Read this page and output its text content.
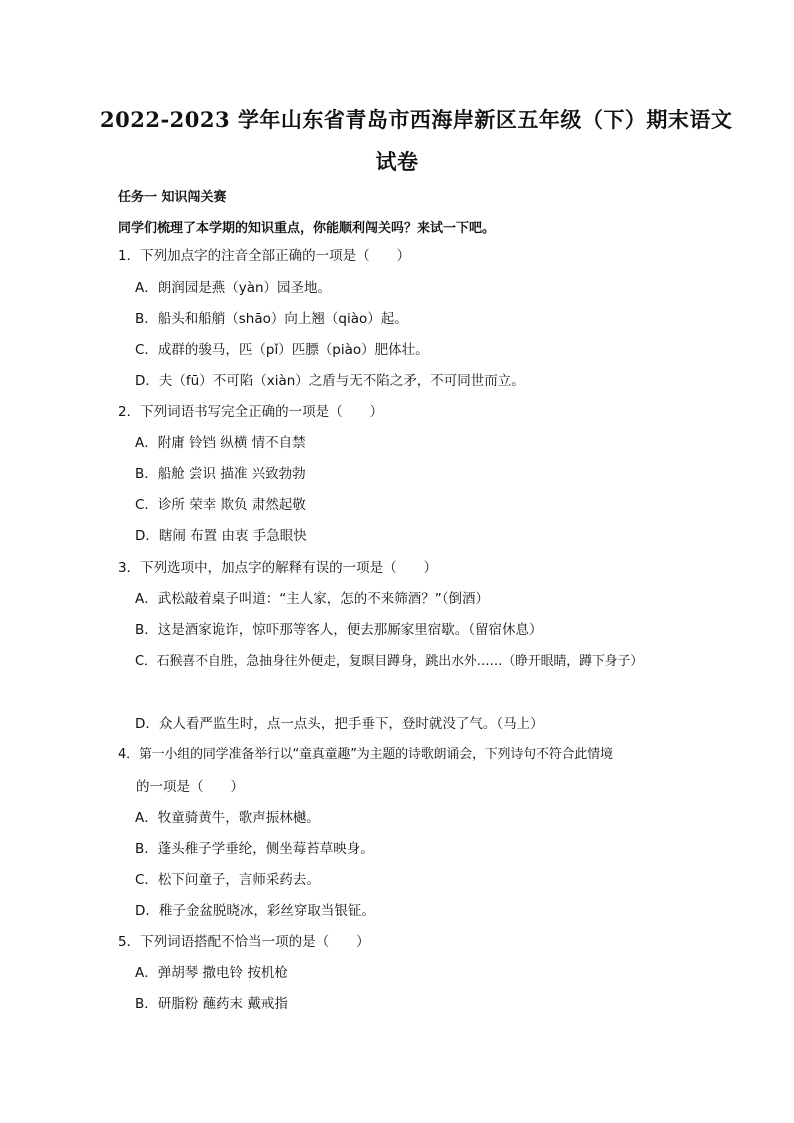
2022-2023 学年山东省青岛市西海岸新区五年级（下）期末语文
试卷
任务一 知识闯关赛
同学们梳理了本学期的知识重点，你能顺利闯关吗？来试一下吧。
1．下列加点字的注音全部正确的一项是（　　）
A．朗润园是燕（yàn）园圣地。
B．船头和船艄（shāo）向上翘（qiào）起。
C．成群的骏马，匹（pǐ）匹膘（piào）肥体壮。
D．夫（fū）不可陷（xiàn）之盾与无不陷之矛，不可同世而立。
2．下列词语书写完全正确的一项是（　　）
A．附庸 铃铛 纵横 情不自禁
B．船舱 尝识 描准 兴致勃勃
C．诊所 荣幸 欺负 肃然起敬
D．瞎闹 布置 由衷 手急眼快
3．下列选项中，加点字的解释有误的一项是（　　）
A．武松敲着桌子叫道：“主人家，怎的不来筛酒？”（倒酒）
B．这是酒家诡诈，惊吓那等客人，便去那厮家里宿歇。（留宿休息）
C．石猴喜不自胜，急抽身往外便走，复瞑目蹲身，跳出水外……（睁开眼睛，蹲下身子）
D．众人看严监生时，点一点头，把手垂下，登时就没了气。（马上）
4．第一小组的同学准备举行以“童真童趣”为主题的诗歌朗诵会，下列诗句不符合此情境
的一项是（　　）
A．牧童骑黄牛，歌声振林樾。
B．蓬头稚子学垂纶，侧坐莓苔草映身。
C．松下问童子，言师采药去。
D．稚子金盆脱晓冰，彩丝穿取当银钲。
5．下列词语搭配不恰当一项的是（　　）
A．弹胡琴 撒电铃 按机枪
B．研脂粉 蘸药末 戴戒指
